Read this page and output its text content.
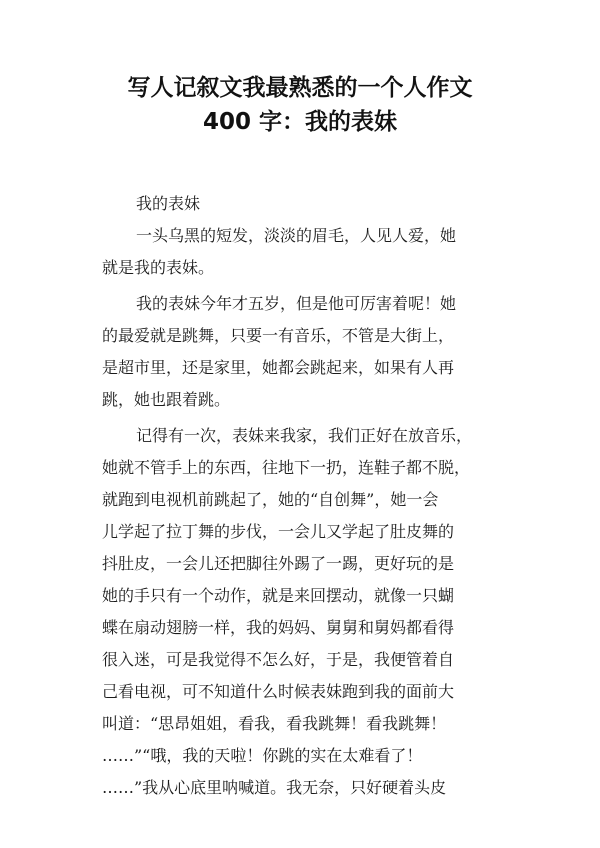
写人记叙文我最熟悉的一个人作文
400 字：我的表妹

我的表妹

一头乌黑的短发，淡淡的眉毛，人见人爱，她

就是我的表妹。

我的表妹今年才五岁，但是他可厉害着呢！她

的最爱就是跳舞，只要一有音乐，不管是大街上，

是超市里，还是家里，她都会跳起来，如果有人再

跳，她也跟着跳。

记得有一次，表妹来我家，我们正好在放音乐，

她就不管手上的东西，往地下一扔，连鞋子都不脱，

就跑到电视机前跳起了，她的“自创舞”，她一会

儿学起了拉丁舞的步伐，一会儿又学起了肚皮舞的

抖肚皮，一会儿还把脚往外踢了一踢，更好玩的是

她的手只有一个动作，就是来回摆动，就像一只蝴

蝶在扇动翅膀一样，我的妈妈、舅舅和舅妈都看得

很入迷，可是我觉得不怎么好，于是，我便管着自

己看电视，可不知道什么时候表妹跑到我的面前大

叫道：“思昂姐姐，看我，看我跳舞！看我跳舞！

……”“哦，我的天啦！你跳的实在太难看了！

……”我从心底里呐喊道。我无奈，只好硬着头皮
